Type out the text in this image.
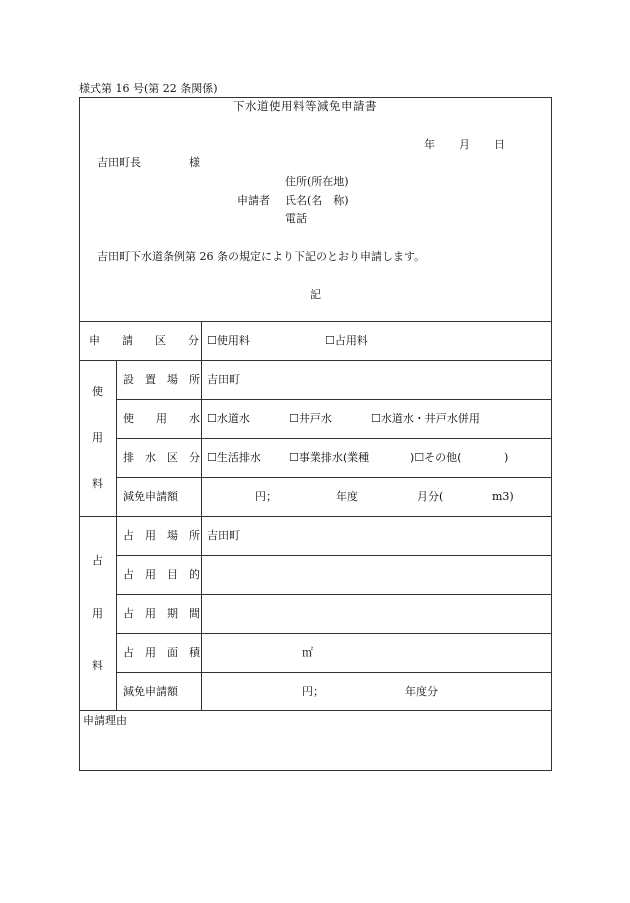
様式第 16 号(第 22 条関係)
下水道使用料等減免申請書
年 月 日
吉田町長	様
住所(所在地)
申請者 氏名(名　称)
電話
吉田町下水道条例第 26 条の規定により下記のとおり申請します。
記
申　　請　　区　　分 ☐使用料	☐占用料
使
用
料
設　置　場　所 吉田町
使　　用　　水 ☐水道水	☐井戸水	☐水道水・井戸水併用
排　水　区　分 ☐生活排水	☐事業排水(業種	)☐その他(	)
減免申請額	円；	年度	月分(	m3)
占
用
料
占　用　場　所 吉田町
占　用　目　的
占　用　期　間
占　用　面　積	㎡
減免申請額	円；	年度分
申請理由
